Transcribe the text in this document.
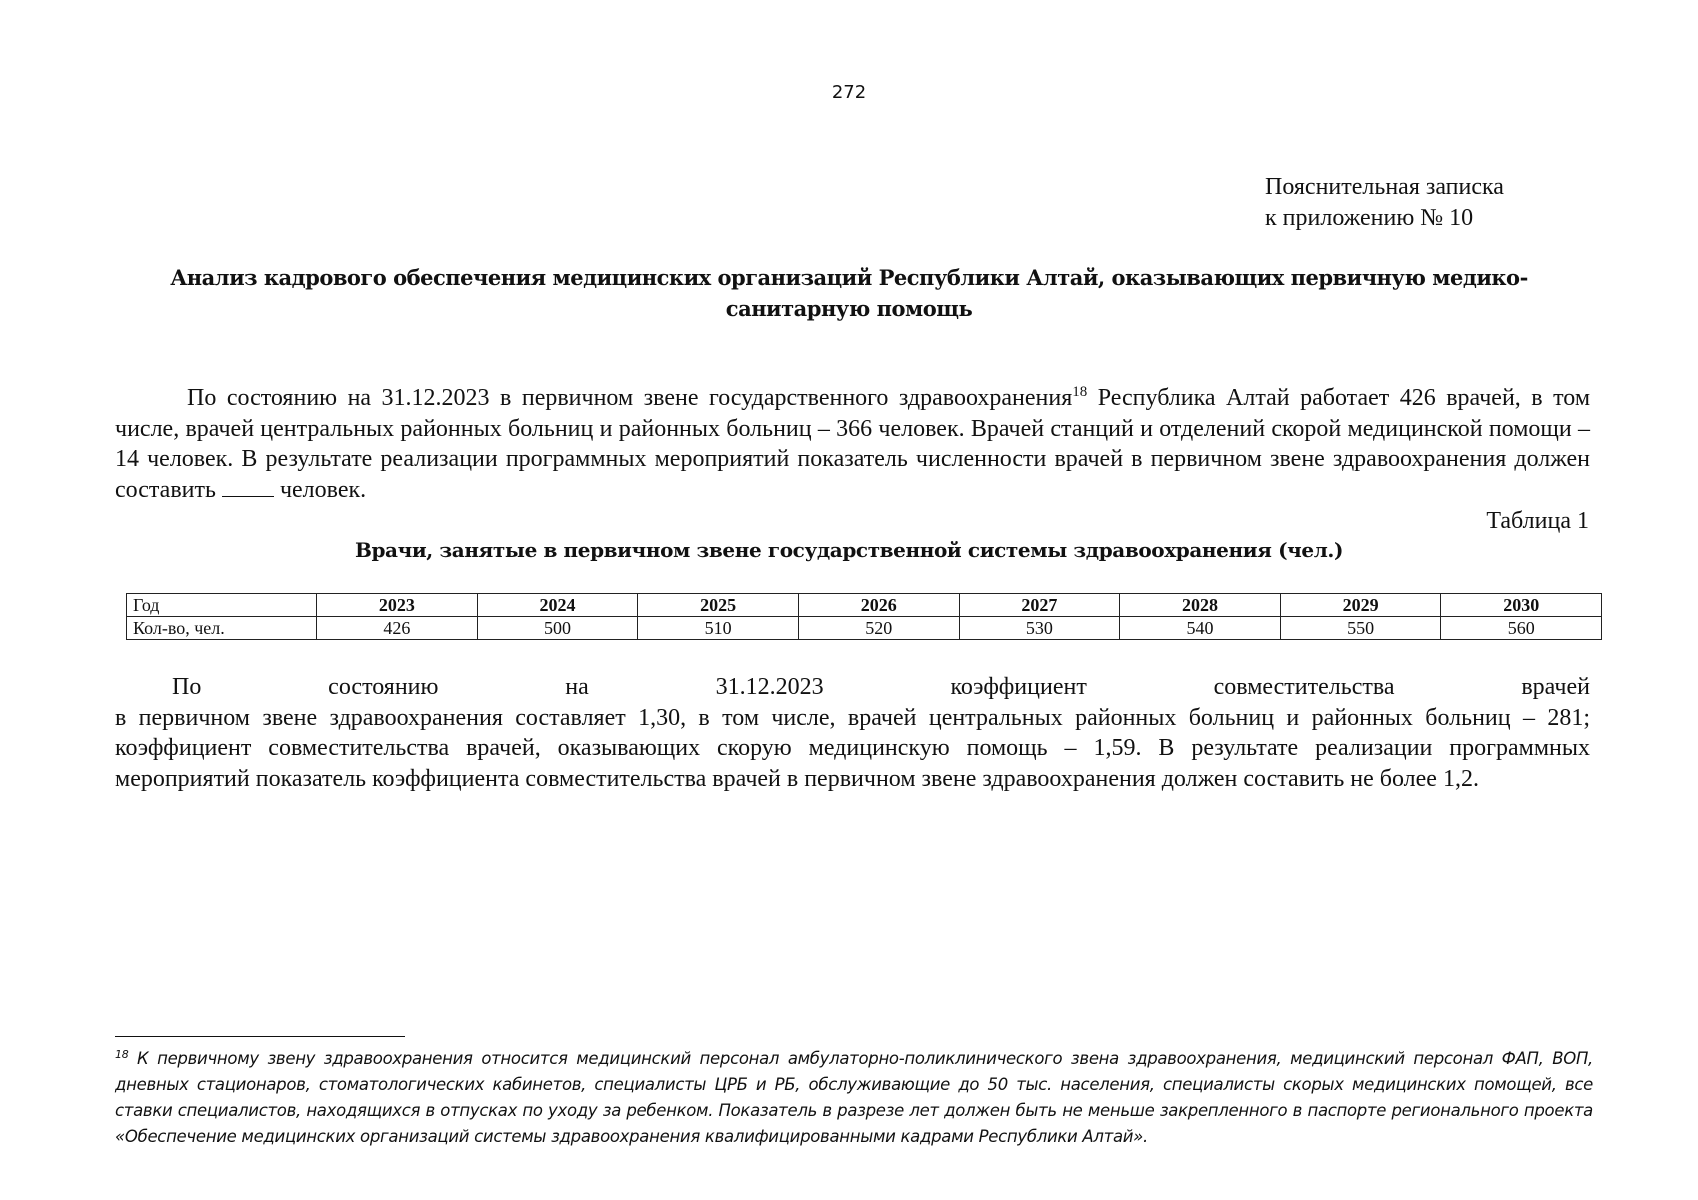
272
Пояснительная записка
к приложению № 10
Анализ кадрового обеспечения медицинских организаций Республики Алтай, оказывающих первичную медико-санитарную помощь
По состоянию на 31.12.2023 в первичном звене государственного здравоохранения$^{18}$ Республика Алтай работает 426 врачей, в том числе, врачей центральных районных больниц и районных больниц – 366 человек. Врачей станций и отделений скорой медицинской помощи – 14 человек. В результате реализации программных мероприятий показатель численности врачей в первичном звене здравоохранения должен составить	человек.
Таблица 1
Врачи, занятые в первичном звене государственной системы здравоохранения (чел.)
Год	2023	2024	2025	2026	2027	2028	2029	2030
Кол-во, чел.	426	500	510	520	530	540	550	560
По	состоянию	на	31.12.2023	коэффициент	совместительства	врачей
в первичном звене здравоохранения составляет 1,30, в том числе, врачей центральных районных больниц и районных больниц – 281; коэффициент совместительства врачей, оказывающих скорую медицинскую помощь – 1,59. В результате реализации программных мероприятий показатель коэффициента совместительства врачей в первичном звене здравоохранения должен составить не более 1,2.
$^{18}$ К первичному звену здравоохранения относится медицинский персонал амбулаторно-поликлинического звена здравоохранения, медицинский персонал ФАП, ВОП, дневных стационаров, стоматологических кабинетов, специалисты ЦРБ и РБ, обслуживающие до 50 тыс. населения, специалисты скорых медицинских помощей, все ставки специалистов, находящихся в отпусках по уходу за ребенком. Показатель в разрезе лет должен быть не меньше закрепленного в паспорте регионального проекта «Обеспечение медицинских организаций системы здравоохранения квалифицированными кадрами Республики Алтай».
